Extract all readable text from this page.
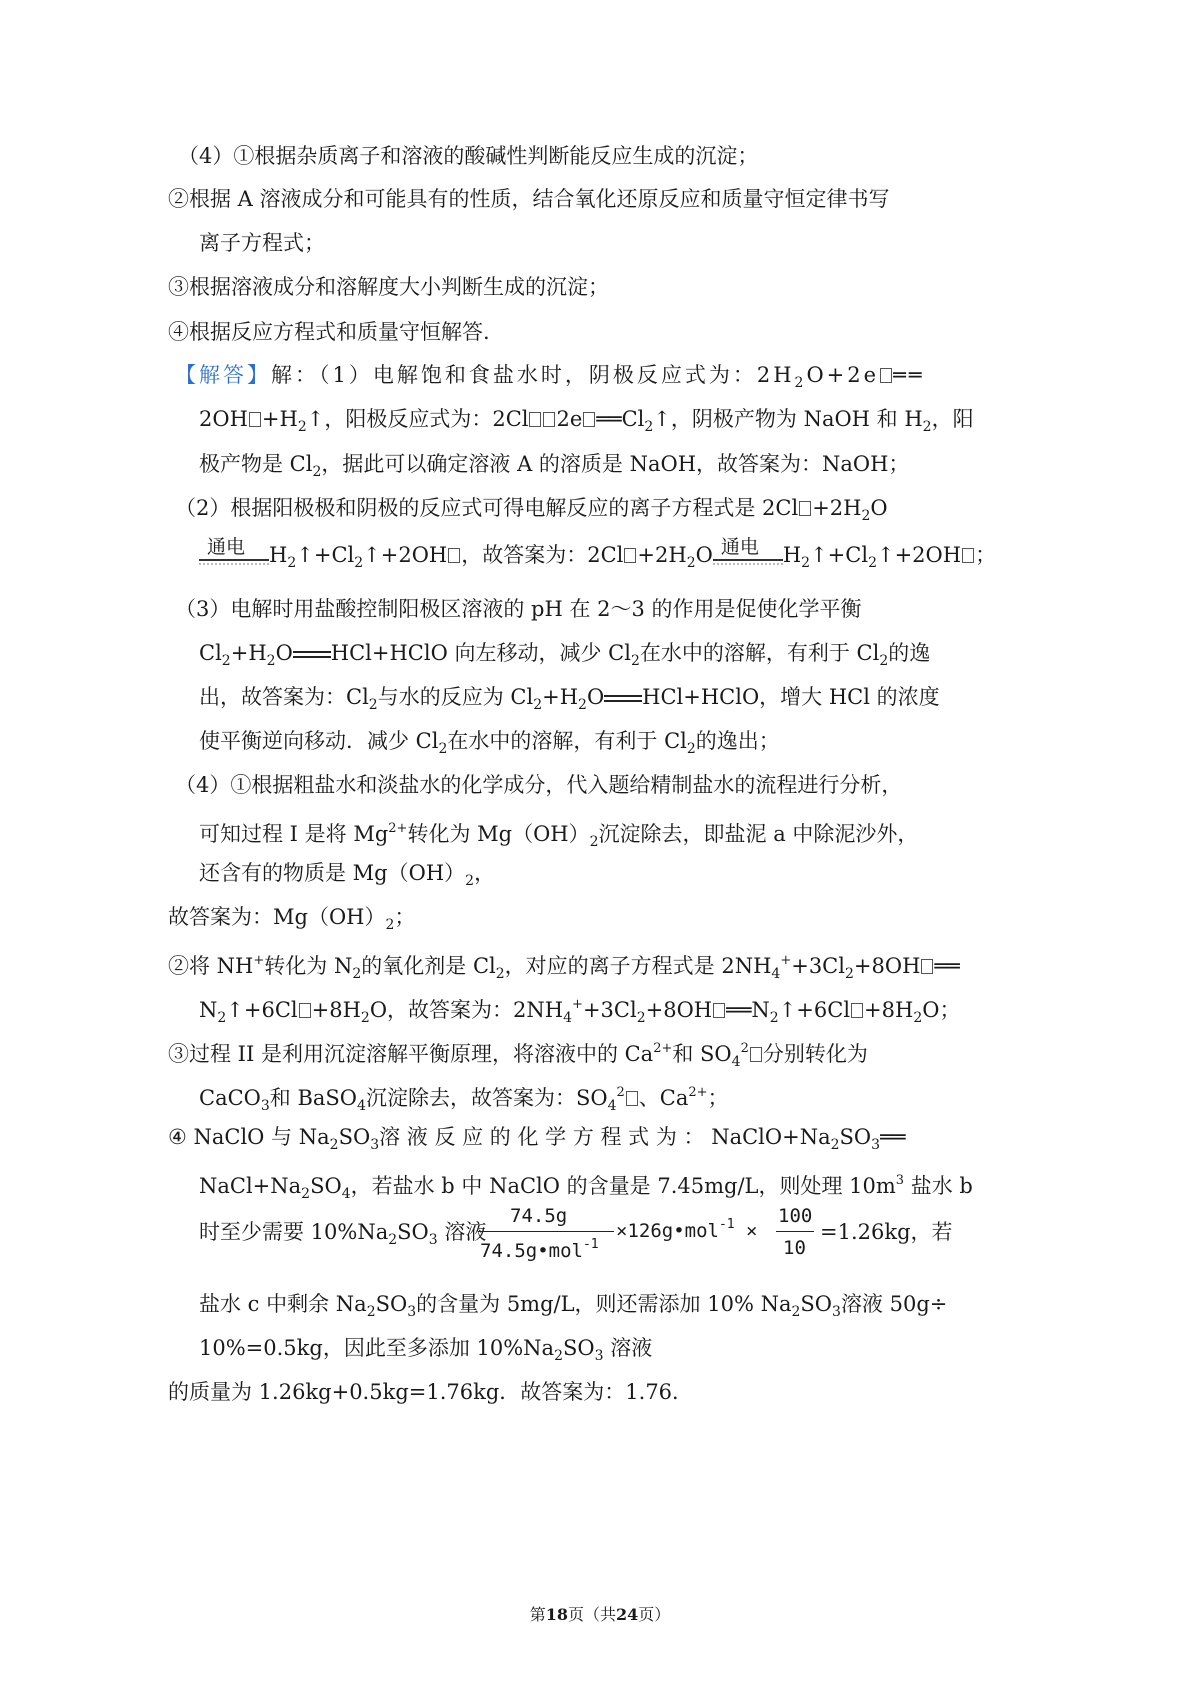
（4）①根据杂质离子和溶液的酸碱性判断能反应生成的沉淀；
②根据 A 溶液成分和可能具有的性质，结合氧化还原反应和质量守恒定律书写
离子方程式；
③根据溶液成分和溶解度大小判断生成的沉淀；
④根据反应方程式和质量守恒解答.
【解答】解：（1）电解饱和食盐水时，阴极反应式为：$2H_2O+2e$ ══
$2OH +H_2↑$，阳极反应式为：2Cl 2e $══Cl_2↑$，阴极产物为 NaOH 和 $H_2$，阳
极产物是 $Cl_2$，据此可以确定溶液 A 的溶质是 NaOH，故答案为：NaOH；
（2）根据阳极极和阴极的反应式可得电解反应的离子方程式是 $2Cl +2H_2O$
通电 $H_2↑+Cl_2↑+2OH$ ，故答案为：$2Cl +2H_2O$ 通电 $H_2↑+Cl_2↑+2OH$ ；
（3）电解时用盐酸控制阳极区溶液的 pH 在 2～3 的作用是促使化学平衡
$Cl_2+H_2O$ HCl+HClO 向左移动，减少 $Cl_2$在水中的溶解，有利于 $Cl_2$的逸
出，故答案为：$Cl_2$与水的反应为 $Cl_2+H_2O$ HCl+HClO，增大 HCl 的浓度
使平衡逆向移动．减少 $Cl_2$在水中的溶解，有利于 $Cl_2$的逸出；
（4）①根据粗盐水和淡盐水的化学成分，代入题给精制盐水的流程进行分析，
可知过程 I 是将 $Mg^{2+}$转化为 $Mg(OH)_2$沉淀除去，即盐泥 a 中除泥沙外，
还含有的物质是 $Mg(OH)_2$，
故答案为：$Mg(OH)_2$；
②将 NH+转化为 $N_2$的氧化剂是 $Cl_2$，对应的离子方程式是 $2NH_4^++3Cl_2+8OH$ ══
$N_2↑+6Cl +8H_2O$，故答案为：$2NH_4^++3Cl_2+8OH$ $══N_2↑+6Cl +8H_2O$；
③过程 II 是利用沉淀溶解平衡原理，将溶液中的 $Ca^{2+}$和 $SO_4^2$ 分别转化为
CaCO$_3$和 BaSO$_4$沉淀除去，故答案为：$SO_4^2$ 、$Ca^{2+}$；
④ NaClO 与 $Na_2SO_3$溶 液 反 应 的 化 学 方 程 式 为 ： $NaClO+Na_2SO_3══$
$NaCl+Na_2SO_4$，若盐水 b 中 NaClO 的含量是 7.45mg/L，则处理 $10m^3$ 盐水 b
时至少需要 $10\%Na_2SO_3$ 溶液
74.5g
74.5g•mol$^{-1}$
×126g•mol$^{-1}$ ×
100
10
=1.26kg，若
盐水 c 中剩余 $Na_2SO_3$的含量为 5mg/L，则还需添加 10% $Na_2SO_3$溶液 50g÷
10%=0.5kg，因此至多添加 $10\%Na_2SO_3$ 溶液
的质量为 1.26kg+0.5kg=1.76kg．故答案为：1.76．
第18页（共24页）
